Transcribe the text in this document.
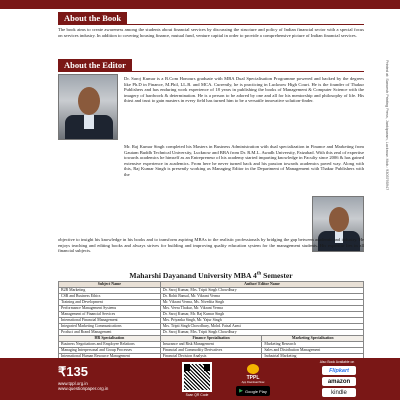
About the Book
The book aims to create awareness among the students about financial services by discussing the structure and policy of Indian financial sector with a special focus on services industry. In addition to covering housing finance, mutual fund, venture capital in order to provide a comprehensive picture of Indian financial services.
About the Editor
Dr. Saroj Kumar is a B.Com Honours graduate with MBA Dual Specialisation Programme powered and backed by the degrees like Ph.D in Finance, M.Phil, LL.B. and MCA. Currently, he is practicing in Lucknow High Court. He is the founder of Thakur Publishers and has enduring work experience of 18 years in publishing the books of Management & Computer Science with the imagery of hardwork & determination. He is a person to be adored by one and all for his mentorship and philosophy of life. His thirst and trust to gain masters in every field has turned him to be a versatile innovative solution-finder.
Mr. Raj Kumar Singh completed his Masters in Business Administration with dual specialization in Finance and Marketing from Gautam Buddh Technical University, Lucknow and BBA from Dr. R.M.L. Awadh University, Faizabad. With this zeal of expertise towards academics he himself as an Entrepreneur of his academy started imparting knowledge in Faculty since 2006 & has gained extensive experience in academics. From here he never turned back and his passion towards academics paved way. Along with this, Raj Kumar Singh is presently working as Managing Editor in the Department of Management with Thakur Publishers with the
objective to insight his knowledge in his books and to transform aspiring MBAs to the realistic professionals by bridging the gap between academic and industry. He enjoys teaching and editing books and always strives for building and improving quality education system for the management students. His expertise lies in all financial subjects.
Printed at: Sarwesh Printing Press, Jankipuram, Lucknow. Mob.: 9305795947
Maharshi Dayanand University MBA 4th Semester
Subject Name	Author/ Editor Name	
B2B Marketing	Dr. Saroj Kumar, Mrs. Tripti Singh Chowdhury	
CSR and Business Ethics	Dr. Rohit Bansal, Mr. Vikrant Verma	
Training and Development	Mr. Vikrant Verma, Ms. Nivedita Singh	
Performance Management Systems	Mrs. Veera Thakur, Mr. Vikrant Verma	
Management of Financial Services	Dr. Saroj Kumar, Mr. Raj Kumar Singh	
International Financial Management	Mrs. Priyanka Singh, Mr. Yajur Singh	
Integrated Marketing Communications	Mrs. Tripti Singh Chowdhury, Mohd. Faisal Azmi	
Product and Brand Management	Dr. Saroj Kumar, Mrs. Tripti Singh Chowdhury	
HR Specialisation	Finance Specialisation	Marketing Specialisation
Business Negotiations and Employee Relations	Insurance and Risk Management	Marketing Research
Managing Interpersonal and Group Processes	Financial and Commodity Derivatives	Sales and Distribution Management
International Human Resource Management	Financial Decision Analysis	Industrial Marketing
₹135
www.tppl.org.in
www.questionpaper.org.in
Scan QR Code
TPPL
App Download Now
▶ Google Play
Also Book Available on
Flipkart
amazon
kindle
